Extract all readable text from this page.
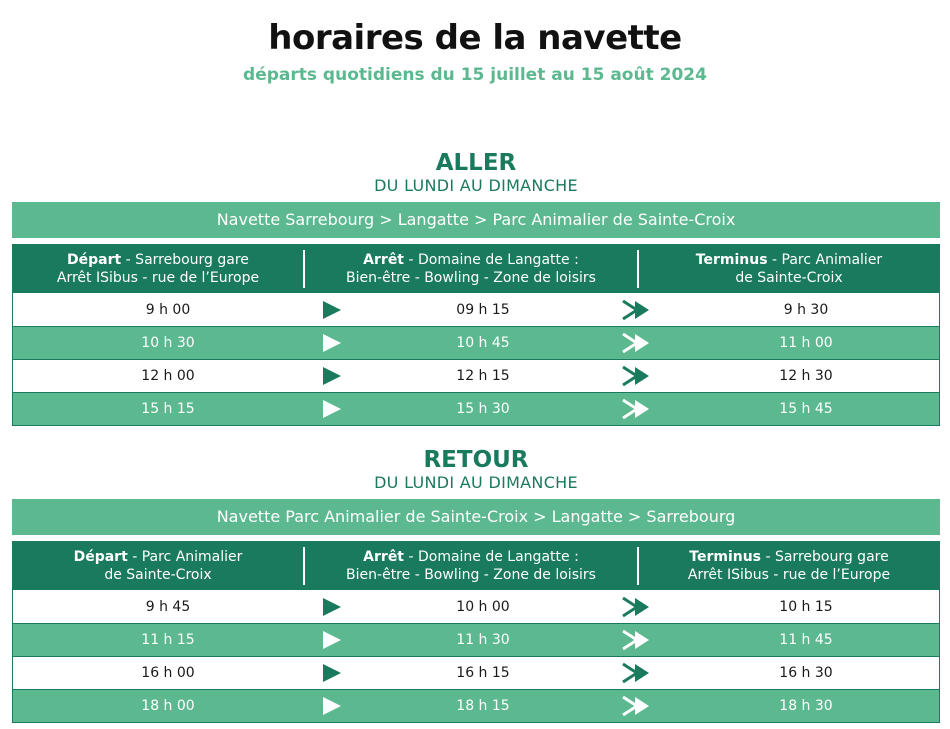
horaires de la navette
départs quotidiens du 15 juillet au 15 août 2024
ALLER
DU LUNDI AU DIMANCHE
Navette Sarrebourg > Langatte > Parc Animalier de Sainte-Croix
Départ - Sarrebourg gare
Arrêt ISibus - rue de l’Europe
Arrêt - Domaine de Langatte :
Bien-être - Bowling - Zone de loisirs
Terminus - Parc Animalier
de Sainte-Croix
9 h 00	09 h 15	9 h 30
10 h 30	10 h 45	11 h 00
12 h 00	12 h 15	12 h 30
15 h 15	15 h 30	15 h 45
RETOUR
DU LUNDI AU DIMANCHE
Navette Parc Animalier de Sainte-Croix > Langatte > Sarrebourg
Départ - Parc Animalier
de Sainte-Croix
Arrêt - Domaine de Langatte :
Bien-être - Bowling - Zone de loisirs
Terminus - Sarrebourg gare
Arrêt ISibus - rue de l’Europe
9 h 45	10 h 00	10 h 15
11 h 15	11 h 30	11 h 45
16 h 00	16 h 15	16 h 30
18 h 00	18 h 15	18 h 30
